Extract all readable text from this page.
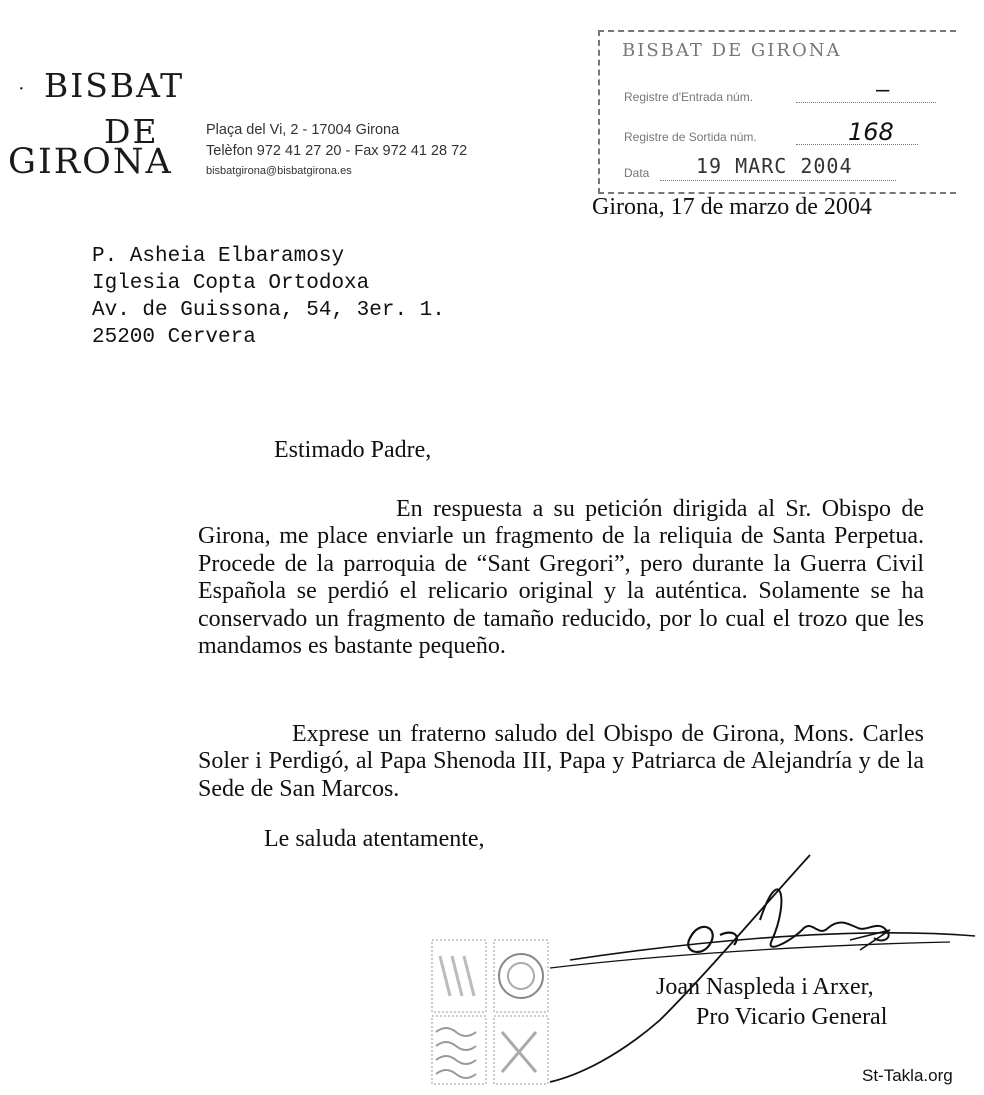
· BISBAT
DE
GIRONA
Plaça del Vi, 2 - 17004 Girona
Telèfon 972 41 27 20 - Fax 972 41 28 72
bisbatgirona@bisbatgirona.es
BISBAT DE GIRONA
Registre d'Entrada núm.	–
Registre de Sortida núm.	168
Data 19 MARC 2004
Girona, 17 de marzo de 2004
P. Asheia Elbaramosy
Iglesia Copta Ortodoxa
Av. de Guissona, 54, 3er. 1.
25200 Cervera
Estimado Padre,
En respuesta a su petición dirigida al Sr. Obispo de Girona, me place enviarle un fragmento de la reliquia de Santa Perpetua. Procede de la parroquia de “Sant Gregori”, pero durante la Guerra Civil Española se perdió el relicario original y la auténtica. Solamente se ha conservado un fragmento de tamaño reducido, por lo cual el trozo que les mandamos es bastante pequeño.
Exprese un fraterno saludo del Obispo de Girona, Mons. Carles Soler i Perdigó, al Papa Shenoda III, Papa y Patriarca de Alejandría y de la Sede de San Marcos.
Le saluda atentamente,
Joan Naspleda i Arxer,
Pro Vicario General
St-Takla.org
